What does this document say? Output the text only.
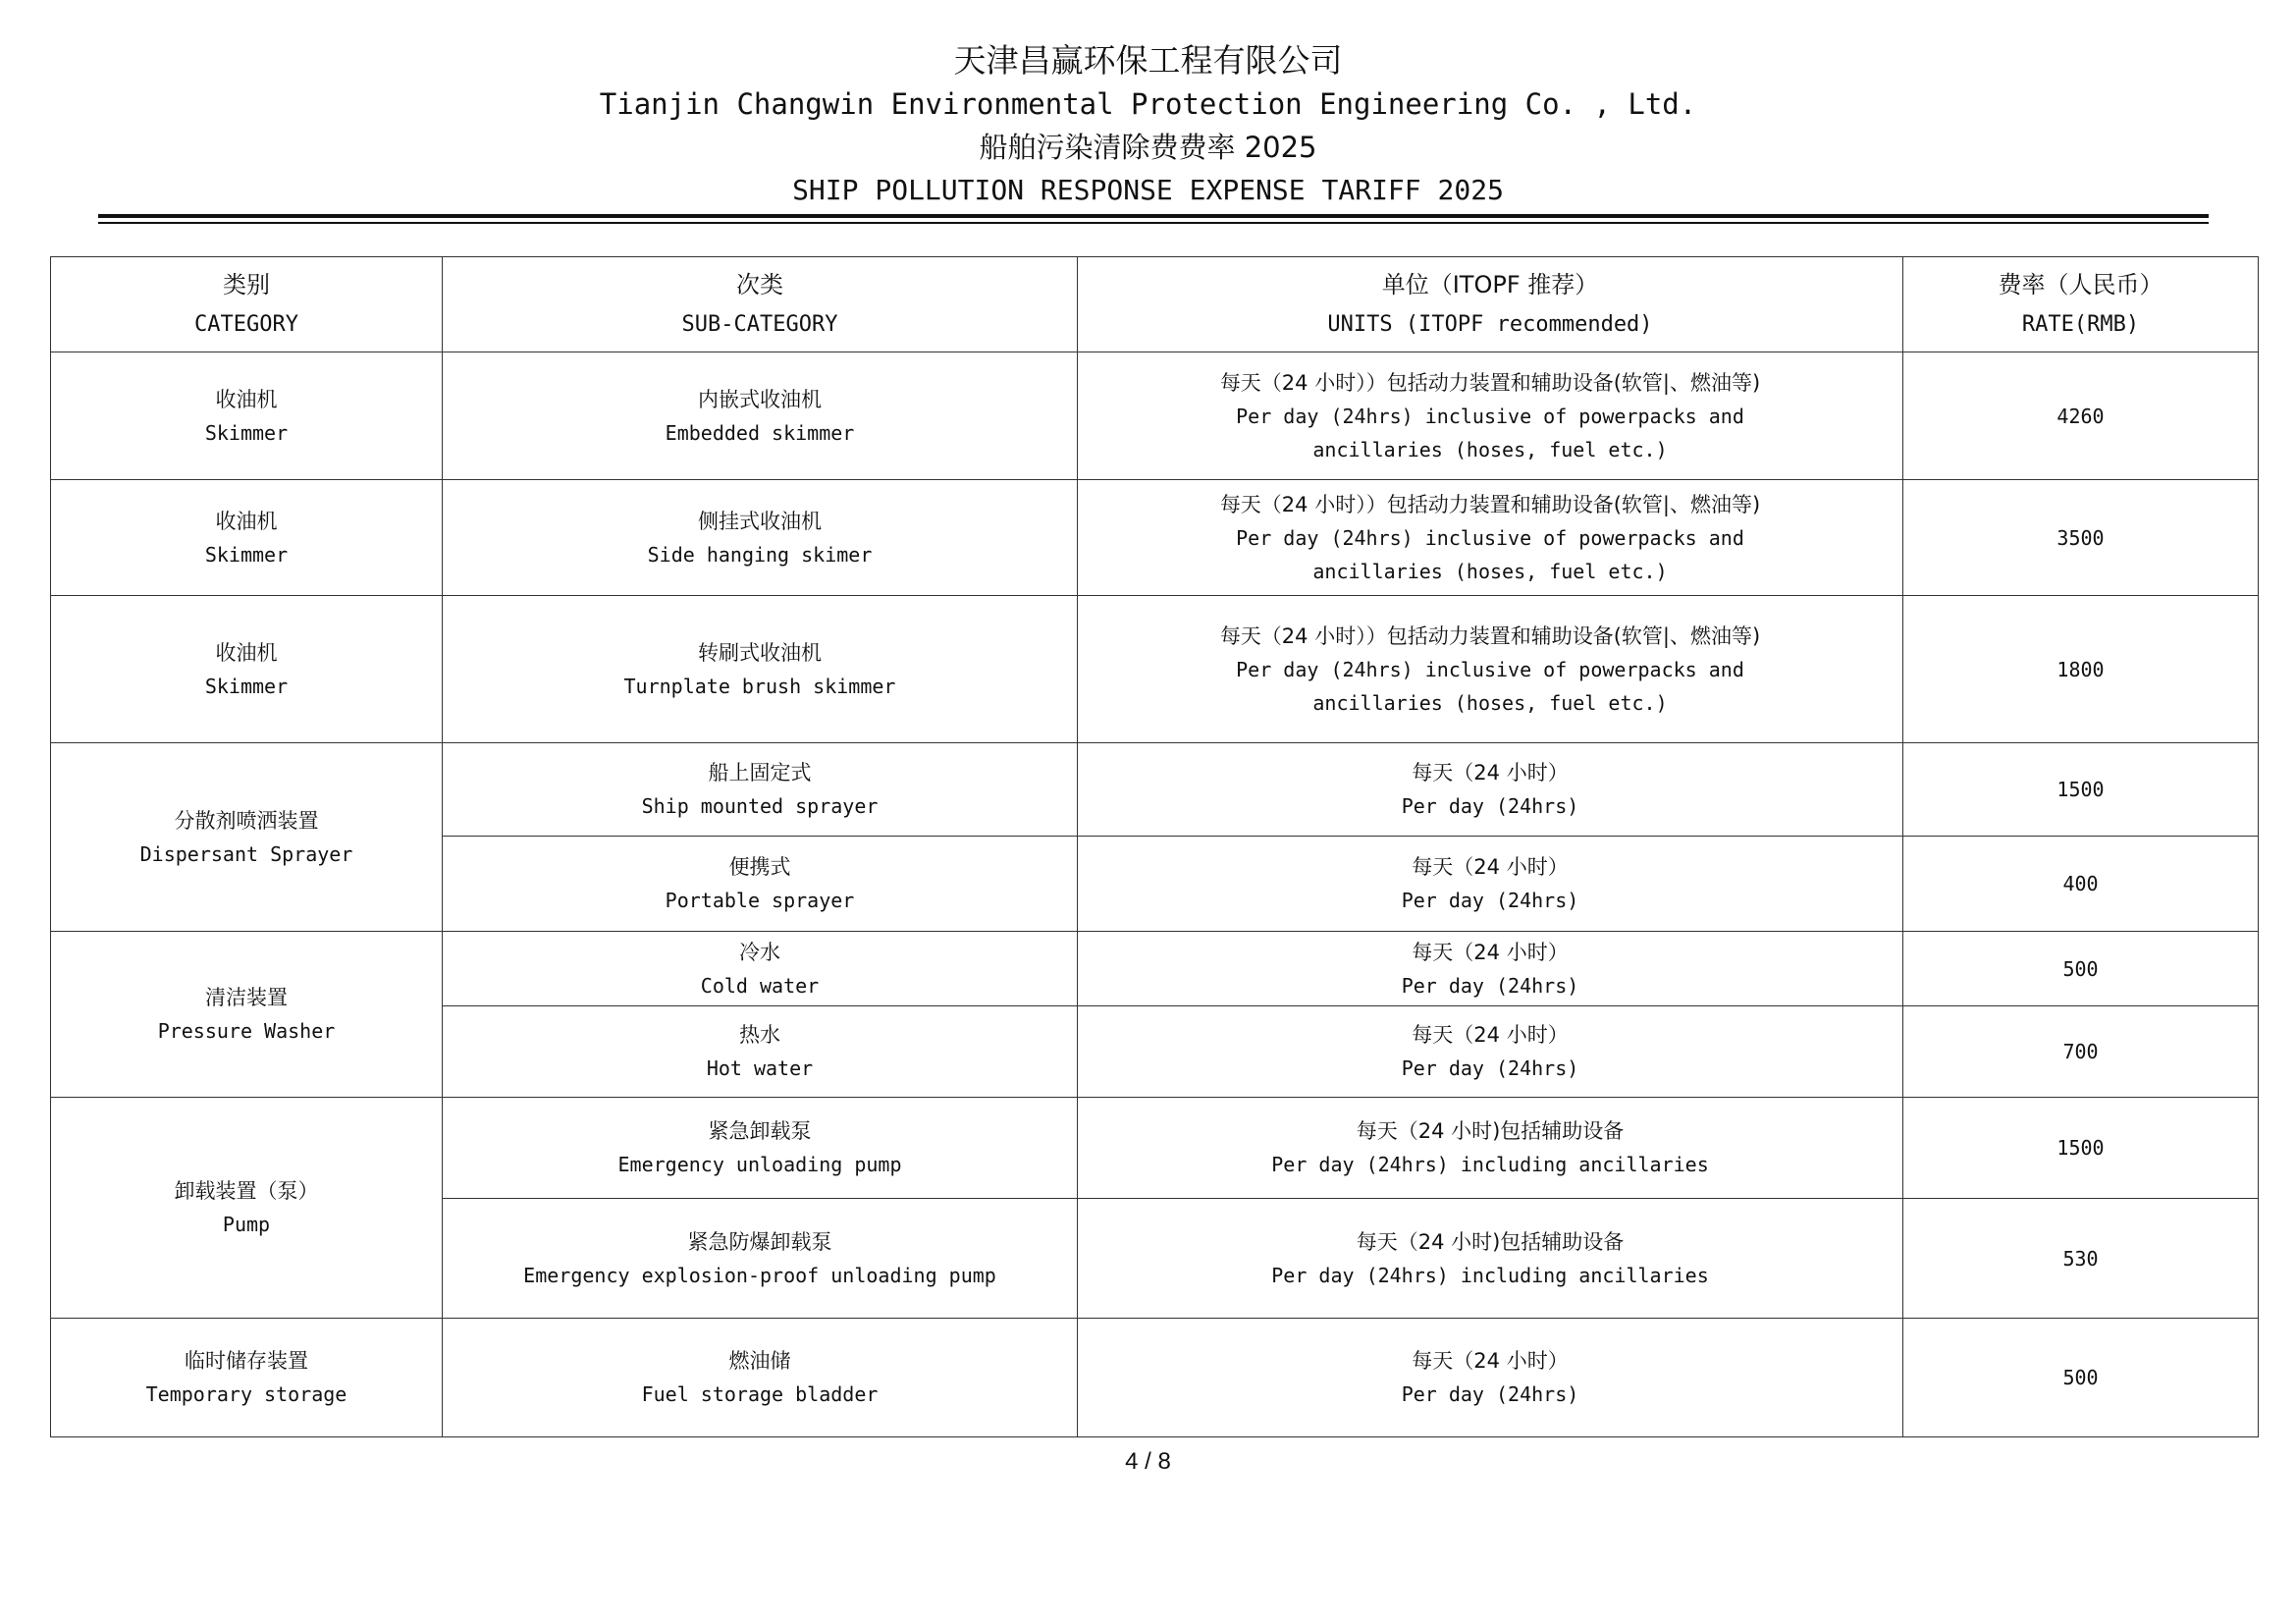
天津昌赢环保工程有限公司
Tianjin Changwin Environmental Protection Engineering Co. , Ltd.
船舶污染清除费费率 2025
SHIP POLLUTION RESPONSE EXPENSE TARIFF 2025
类别
CATEGORY	次类
SUB-CATEGORY	单位（ITOPF 推荐）
UNITS (ITOPF recommended)	费率（人民币）
RATE(RMB)

收油机
Skimmer	内嵌式收油机
Embedded skimmer	每天（24 小时））包括动力装置和辅助设备(软管|、燃油等)
Per day (24hrs) inclusive of powerpacks and
ancillaries (hoses, fuel etc.)	4260

收油机
Skimmer	侧挂式收油机
Side hanging skimer	每天（24 小时））包括动力装置和辅助设备(软管|、燃油等)
Per day (24hrs) inclusive of powerpacks and
ancillaries (hoses, fuel etc.)	3500

收油机
Skimmer	转刷式收油机
Turnplate brush skimmer	每天（24 小时））包括动力装置和辅助设备(软管|、燃油等)
Per day (24hrs) inclusive of powerpacks and
ancillaries (hoses, fuel etc.)	1800

分散剂喷洒装置
Dispersant Sprayer	船上固定式
Ship mounted sprayer	每天（24 小时）
Per day (24hrs)	1500

	便携式
Portable sprayer	每天（24 小时）
Per day (24hrs)	400

清洁装置
Pressure Washer	冷水
Cold water	每天（24 小时）
Per day (24hrs)	500

	热水
Hot water	每天（24 小时）
Per day (24hrs)	700

卸载装置（泵）
Pump	紧急卸载泵
Emergency unloading pump	每天（24 小时)包括辅助设备
Per day (24hrs) including ancillaries	1500

	紧急防爆卸载泵
Emergency explosion-proof unloading pump	每天（24 小时)包括辅助设备
Per day (24hrs) including ancillaries	530

临时储存装置
Temporary storage	燃油储
Fuel storage bladder	每天（24 小时）
Per day (24hrs)	500
4 / 8
